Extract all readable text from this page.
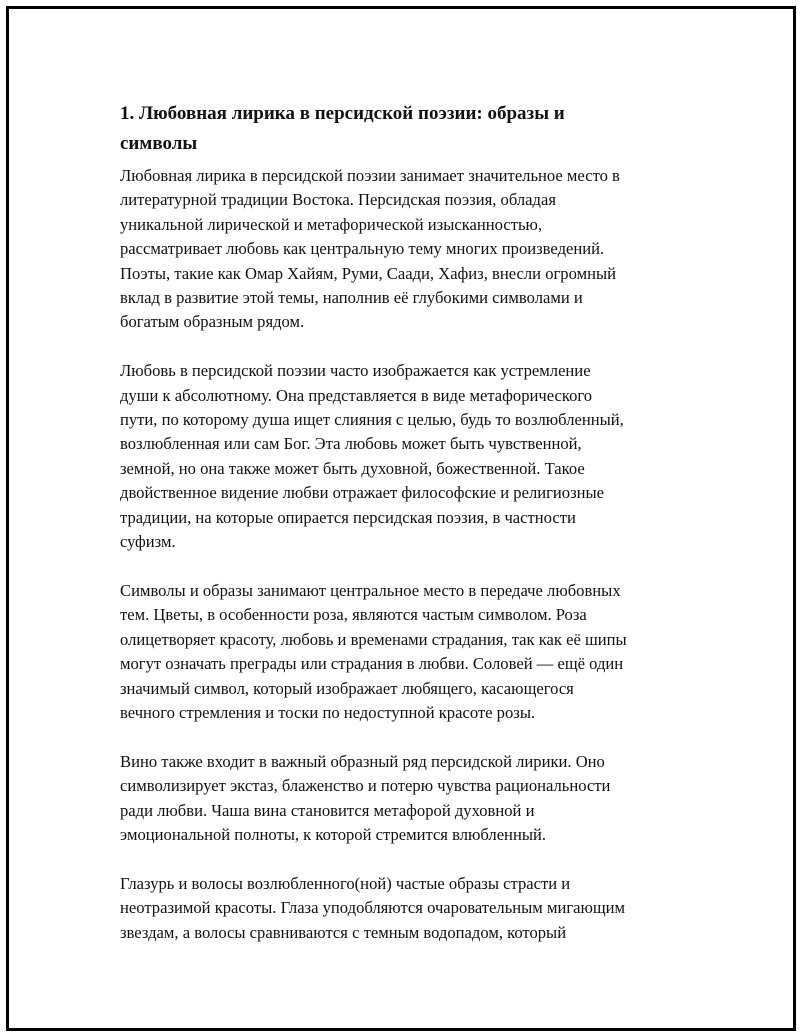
1. Любовная лирика в персидской поэзии: образы и
символы
Любовная лирика в персидской поэзии занимает значительное место в
литературной традиции Востока. Персидская поэзия, обладая
уникальной лирической и метафорической изысканностью,
рассматривает любовь как центральную тему многих произведений.
Поэты, такие как Омар Хайям, Руми, Саади, Хафиз, внесли огромный
вклад в развитие этой темы, наполнив её глубокими символами и
богатым образным рядом.
Любовь в персидской поэзии часто изображается как устремление
души к абсолютному. Она представляется в виде метафорического
пути, по которому душа ищет слияния с целью, будь то возлюбленный,
возлюбленная или сам Бог. Эта любовь может быть чувственной,
земной, но она также может быть духовной, божественной. Такое
двойственное видение любви отражает философские и религиозные
традиции, на которые опирается персидская поэзия, в частности
суфизм.
Символы и образы занимают центральное место в передаче любовных
тем. Цветы, в особенности роза, являются частым символом. Роза
олицетворяет красоту, любовь и временами страдания, так как её шипы
могут означать преграды или страдания в любви. Соловей — ещё один
значимый символ, который изображает любящего, касающегося
вечного стремления и тоски по недоступной красоте розы.
Вино также входит в важный образный ряд персидской лирики. Оно
символизирует экстаз, блаженство и потерю чувства рациональности
ради любви. Чаша вина становится метафорой духовной и
эмоциональной полноты, к которой стремится влюбленный.
Глазурь и волосы возлюбленного(ной) частые образы страсти и
неотразимой красоты. Глаза уподобляются очаровательным мигающим
звездам, а волосы сравниваются с темным водопадом, который
